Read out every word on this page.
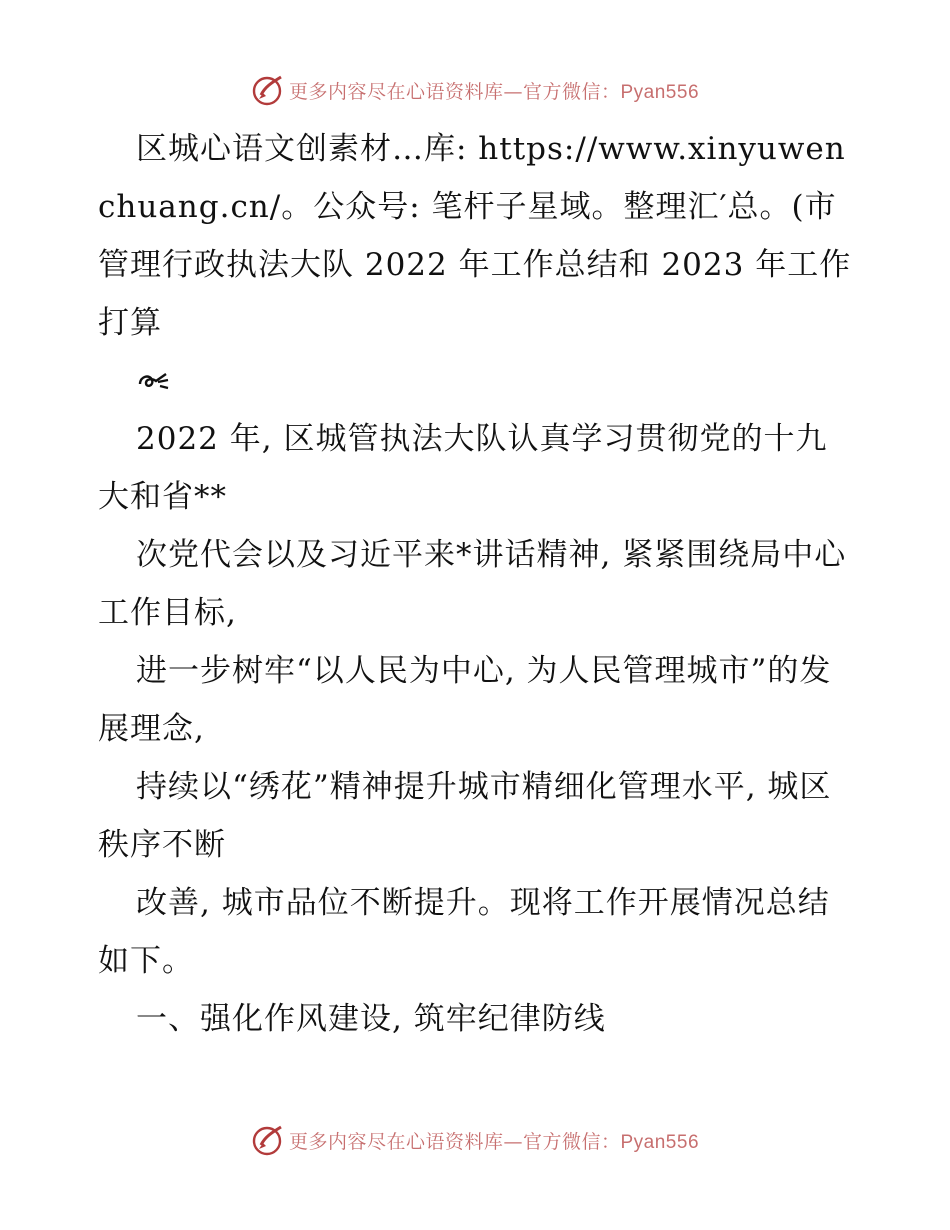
更多内容尽在心语资料库—官方微信：Pyan556

区城心语文创素材…库: https://www.xinyuwenchuang.cn/。公众号: 笔杆子星域。整理汇′总。(市管理行政执法大队 2022 年工作总结和 2023 年工作打算

2022 年, 区城管执法大队认真学习贯彻党的十九大和省**

次党代会以及习近平来*讲话精神, 紧紧围绕局中心工作目标,

进一步树牢“以人民为中心, 为人民管理城市”的发展理念,

持续以“绣花”精神提升城市精细化管理水平, 城区秩序不断

改善, 城市品位不断提升。现将工作开展情况总结如下。

一、强化作风建设, 筑牢纪律防线

更多内容尽在心语资料库—官方微信：Pyan556
